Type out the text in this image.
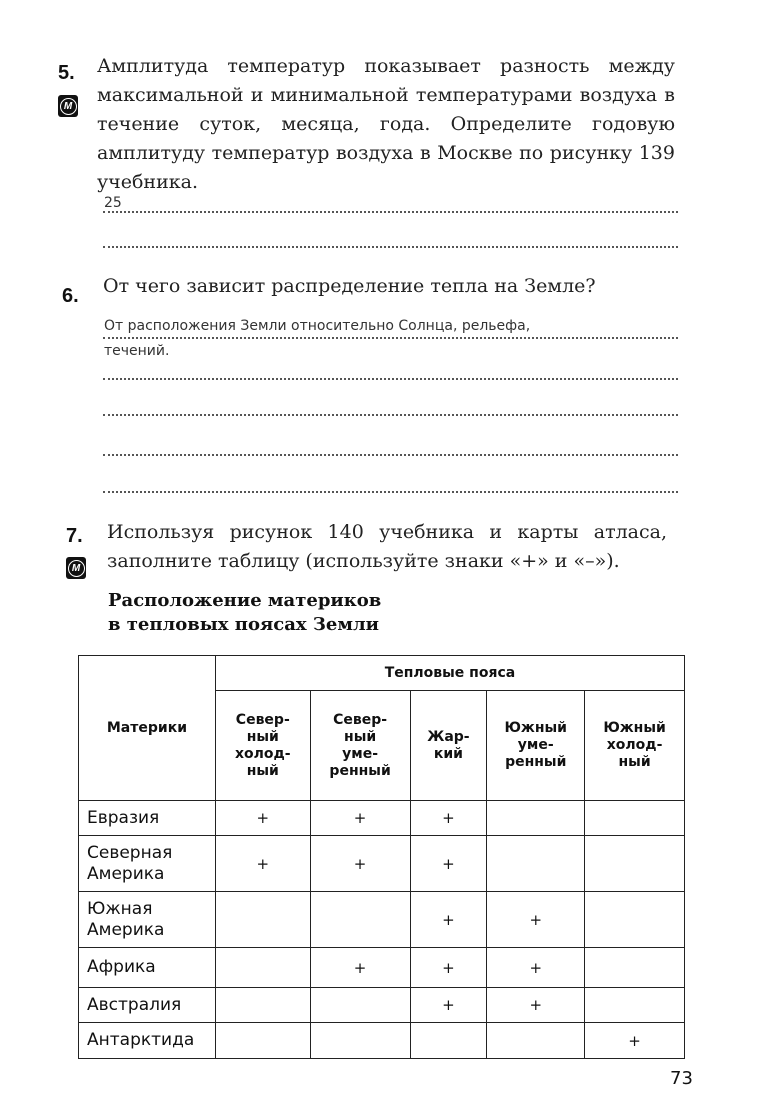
5.
М
Амплитуда температур показывает разность между максимальной и минимальной температурами воздуха в течение суток, месяца, года. Определите годовую амплитуду температур воздуха в Москве по рисунку 139 учебника.
25
6. От чего зависит распределение тепла на Земле?
От расположения Земли относительно Солнца, рельефа,
течений.
7.
М
Используя рисунок 140 учебника и карты атласа, заполните таблицу (используйте знаки «+» и «–»).
Расположение материков
в тепловых поясах Земли
Материки	Тепловые пояса				
	Север-
ный
холод-
ный	Север-
ный
уме-
ренный	Жар-
кий	Южный
уме-
ренный	Южный
холод-
ный
Евразия	+	+	+		
Северная Америка	+	+	+		
Южная Америка			+	+	
Африка		+	+	+	
Австралия			+	+	
Антарктида					+
73
